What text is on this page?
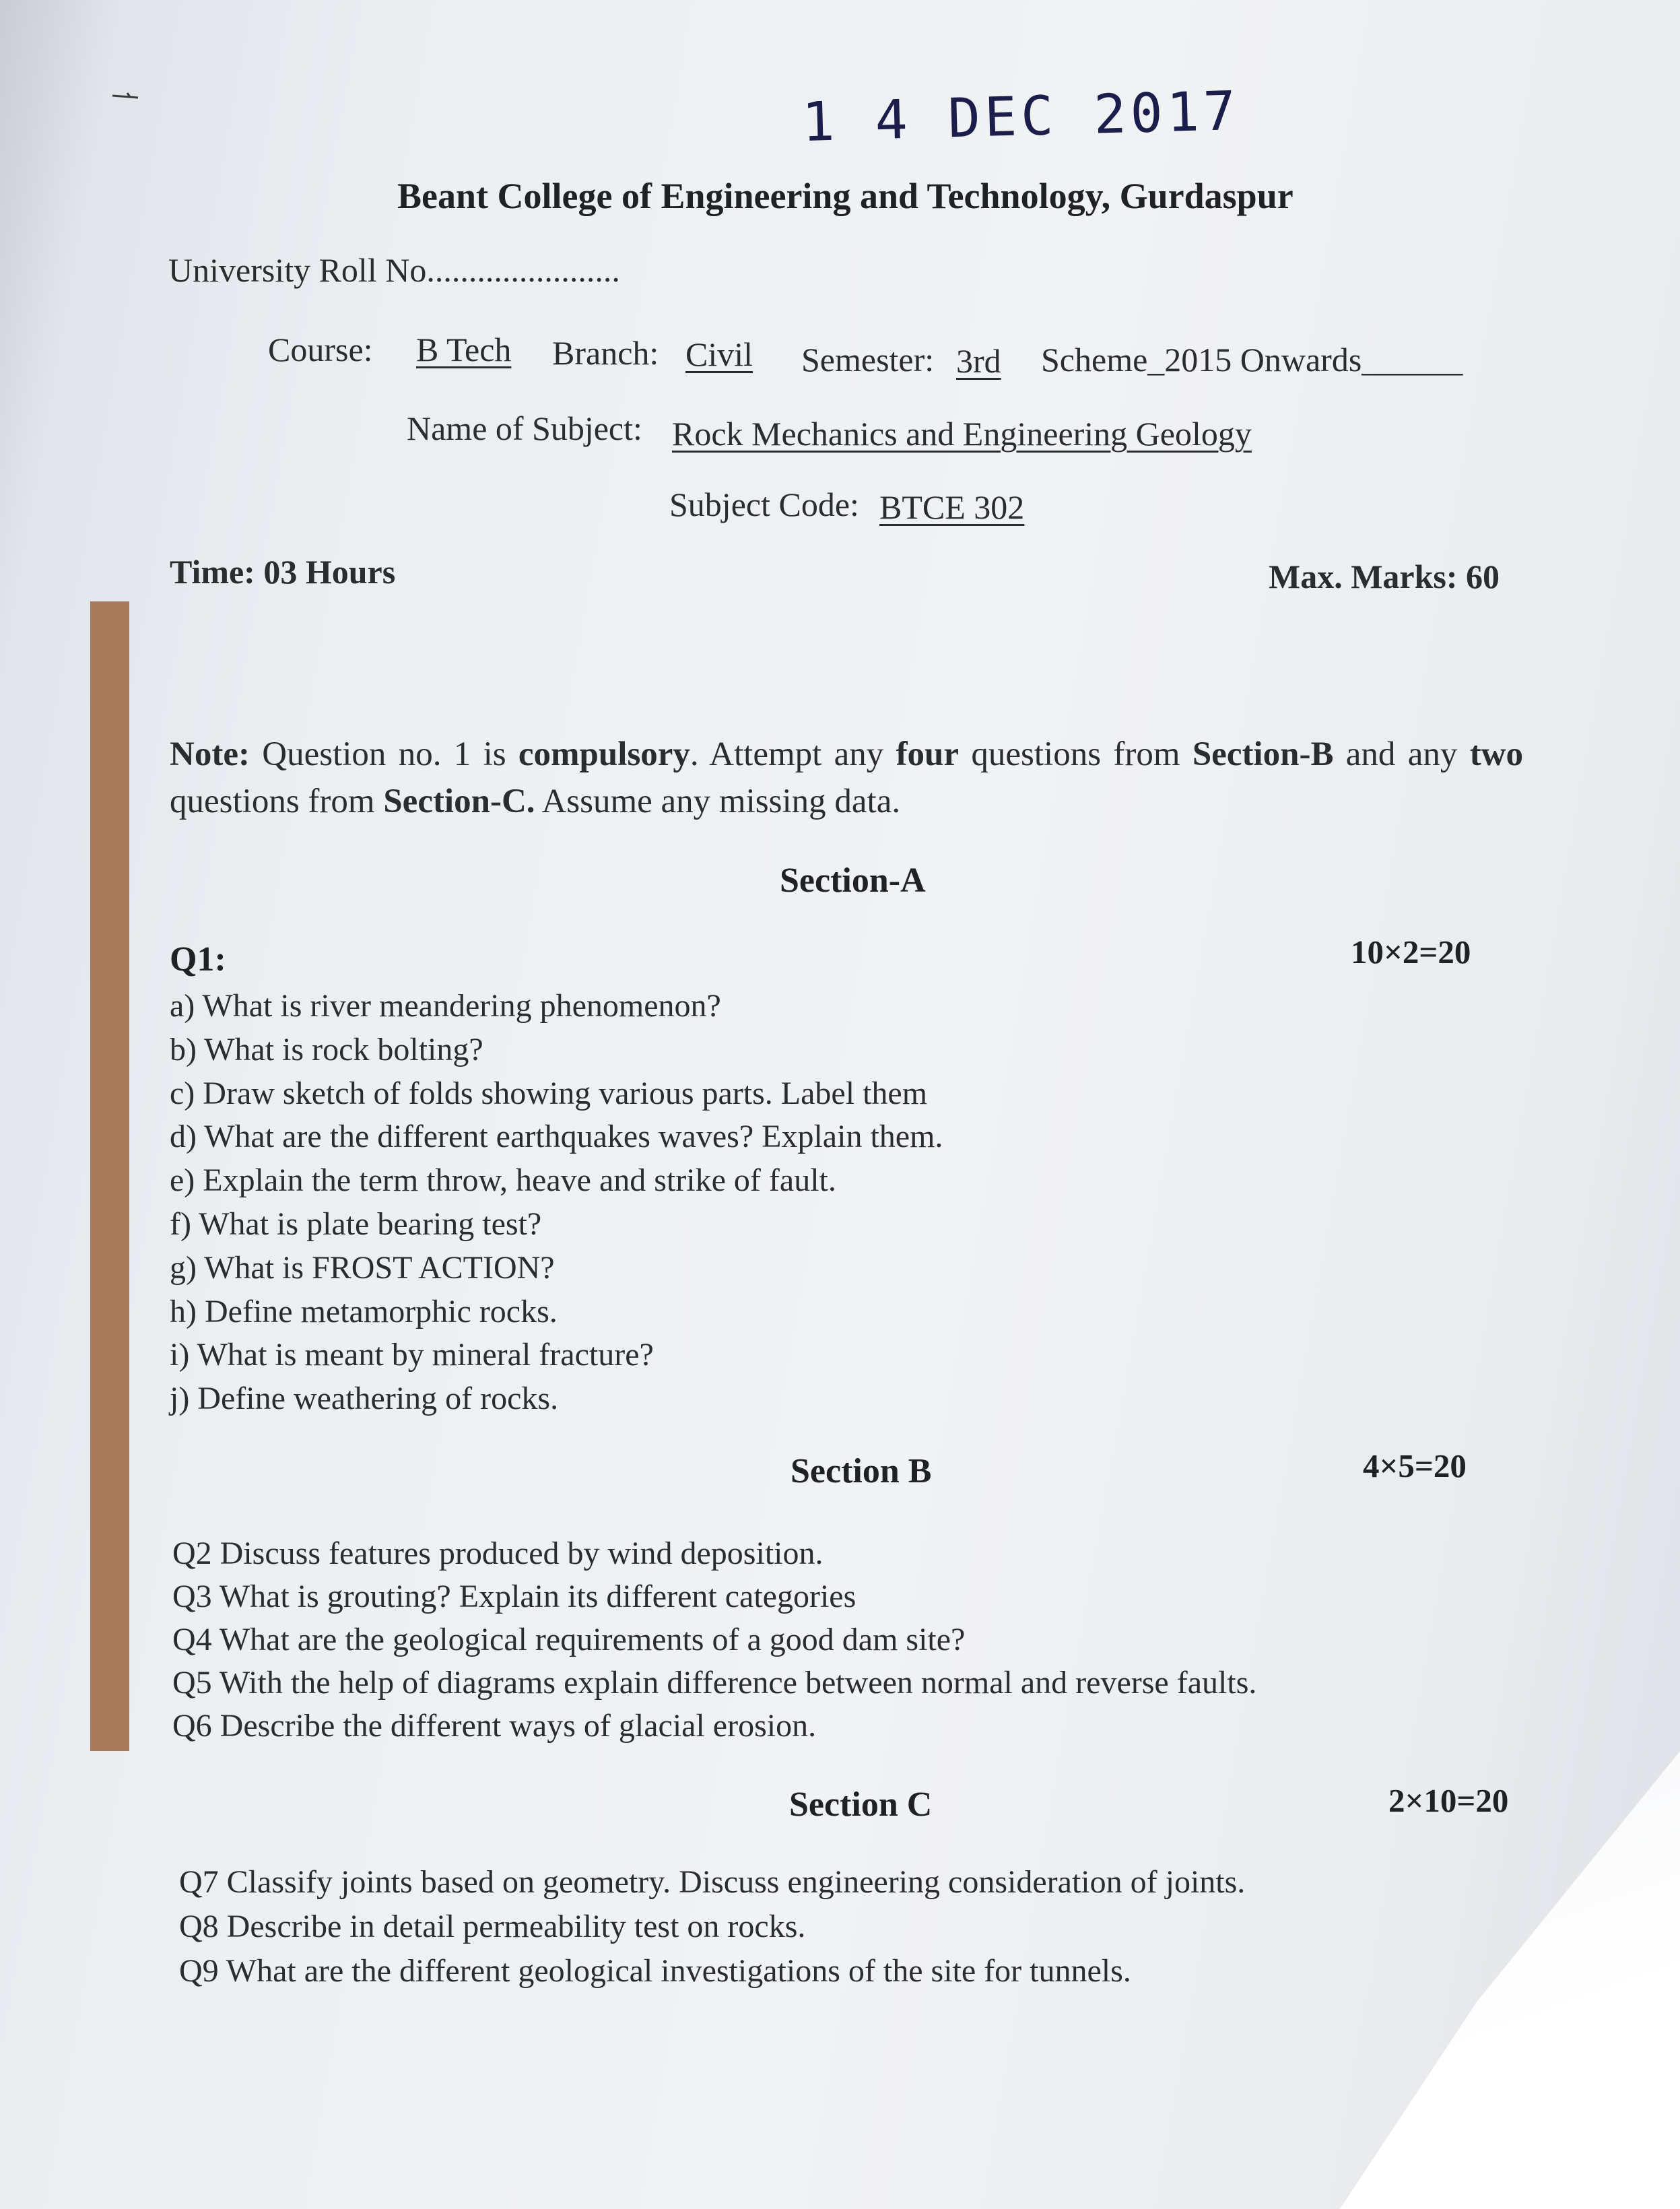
1 4 DEC 2017
Beant College of Engineering and Technology, Gurdaspur
University Roll No.......................
Course: B Tech Branch: Civil Semester: 3rd Scheme_2015 Onwards______
Name of Subject: Rock Mechanics and Engineering Geology
Subject Code: BTCE 302
Time: 03 Hours	Max. Marks: 60
Note: Question no. 1 is compulsory. Attempt any four questions from Section-B and any two questions from Section-C. Assume any missing data.
Section-A
Q1:	10×2=20
a) What is river meandering phenomenon?
b) What is rock bolting?
c) Draw sketch of folds showing various parts. Label them
d) What are the different earthquakes waves? Explain them.
e) Explain the term throw, heave and strike of fault.
f) What is plate bearing test?
g) What is FROST ACTION?
h) Define metamorphic rocks.
i) What is meant by mineral fracture?
j) Define weathering of rocks.
Section B	4×5=20
Q2 Discuss features produced by wind deposition.
Q3 What is grouting? Explain its different categories
Q4 What are the geological requirements of a good dam site?
Q5 With the help of diagrams explain difference between normal and reverse faults.
Q6 Describe the different ways of glacial erosion.
Section C	2×10=20
Q7 Classify joints based on geometry. Discuss engineering consideration of joints.
Q8 Describe in detail permeability test on rocks.
Q9 What are the different geological investigations of the site for tunnels.
